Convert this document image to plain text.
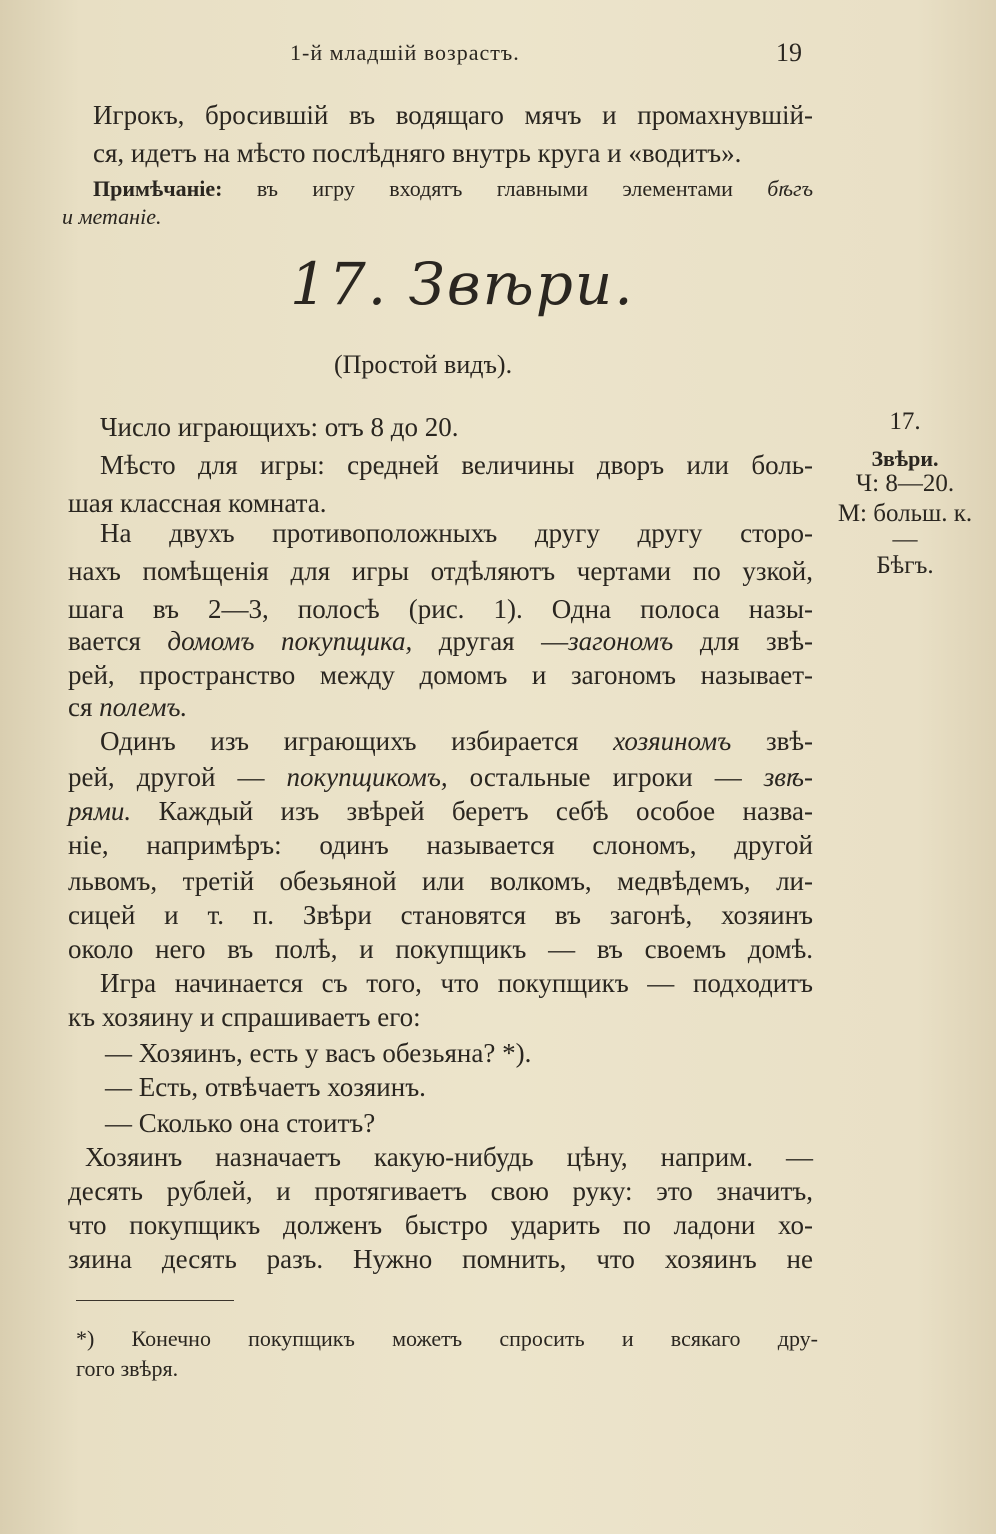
1-й младшій возрастъ.	19
Игрокъ, бросившій въ водящаго мячъ и промахнувшій-
ся, идетъ на мѣсто послѣдняго внутрь круга и «водитъ».
Примѣчаніе: въ игру входятъ главными элементами бѣгъ
и метаніе.
17. Звѣри.
(Простой видъ).
Число играющихъ: отъ 8 до 20.
Мѣсто для игры: средней величины дворъ или боль-
шая классная комната.
На двухъ противоположныхъ другу другу сторо-
нахъ помѣщенія для игры отдѣляютъ чертами по узкой,
шага въ 2—3, полосѣ (рис. 1). Одна полоса назы-
вается домомъ покупщика, другая —загономъ для звѣ-
рей, пространство между домомъ и загономъ называет-
ся полемъ.
Одинъ изъ играющихъ избирается хозяиномъ звѣ-
рей, другой — покупщикомъ, остальные игроки — звѣ-
рями. Каждый изъ звѣрей беретъ себѣ особое назва-
ніе, напримѣръ: одинъ называется слономъ, другой
львомъ, третій обезьяной или волкомъ, медвѣдемъ, ли-
сицей и т. п. Звѣри становятся въ загонѣ, хозяинъ
около него въ полѣ, и покупщикъ — въ своемъ домѣ.
Игра начинается съ того, что покупщикъ — подходитъ
къ хозяину и спрашиваетъ его:
— Хозяинъ, есть у васъ обезьяна? *).
— Есть, отвѣчаетъ хозяинъ.
— Сколько она стоитъ?
Хозяинъ назначаетъ какую-нибудь цѣну, наприм. —
десять рублей, и протягиваетъ свою руку: это значитъ,
что покупщикъ долженъ быстро ударить по ладони хо-
зяина десять разъ. Нужно помнить, что хозяинъ не
*) Конечно покупщикъ можетъ спросить и всякаго дру-
гого звѣря.
17.
Звѣри.
Ч: 8—20.
М: больш. к.
—
Бѣгъ.
